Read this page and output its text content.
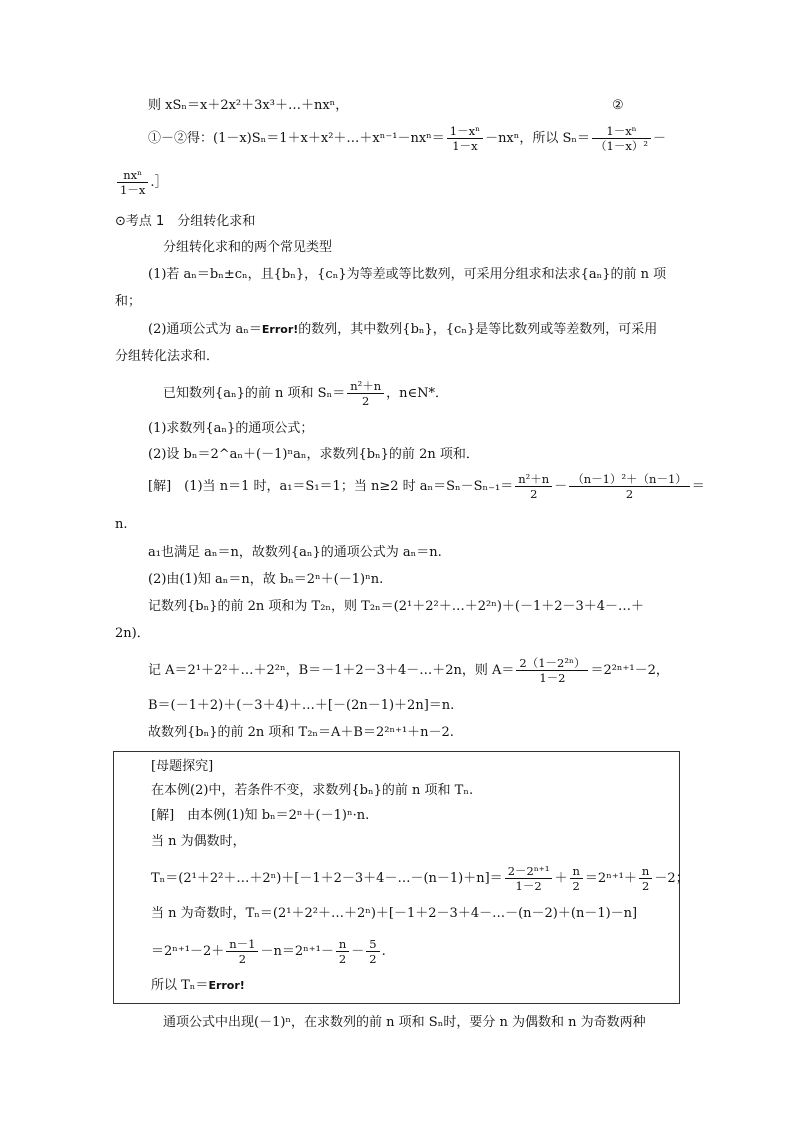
则 xSₙ＝x＋2x²＋3x³＋…＋nxⁿ，	②
①－②得：(1－x)Sₙ＝1＋x＋x²＋…＋xⁿ⁻¹－nxⁿ＝ $\frac{\text{1－xⁿ}}{1-x} -nx^n$，所以 $S_n= \frac{\text{1－xⁿ}}{\text{（1－x）²}}$ －
$\frac{\text{nxⁿ}}{1-x}$ .］
⊙考点 1　分组转化求和
分组转化求和的两个常见类型
(1)若 aₙ＝bₙ±cₙ，且{bₙ}，{cₙ}为等差或等比数列，可采用分组求和法求{aₙ}的前 n 项
和；
(2)通项公式为 aₙ＝Error!的数列，其中数列{bₙ}，{cₙ}是等比数列或等差数列，可采用
分组转化法求和．
已知数列{aₙ}的前 n 项和 $S_n= \frac{\text{n²＋n}}{2}$ ，n∈N*．
(1)求数列{aₙ}的通项公式；
(2)设 bₙ＝2^aₙ＋(－1)ⁿaₙ，求数列{bₙ}的前 2n 项和．
[解]　(1)当 n＝1 时，a₁＝S₁＝1；当 n≥2 时 $a_n=S_n-S_{n-1}= \frac{\text{n²＋n}}{2} - \frac{\text{（n－1）²＋（n－1）}}{2}$ ＝
n.
a₁也满足 aₙ＝n，故数列{aₙ}的通项公式为 aₙ＝n.
(2)由(1)知 aₙ＝n，故 bₙ＝2ⁿ＋(－1)ⁿn.
记数列{bₙ}的前 2n 项和为 T₂ₙ，则 T₂ₙ＝(2¹＋2²＋…＋2²ⁿ)＋(－1＋2－3＋4－…＋
2n)．
记 A＝2¹＋2²＋…＋2²ⁿ，B＝－1＋2－3＋4－…＋2n，则 $A= \frac{\text{2（1－2²ⁿ）}}{1-2} =2^{2n+1}-2$，
B＝(－1＋2)＋(－3＋4)＋…＋[－(2n－1)＋2n]＝n.
故数列{bₙ}的前 2n 项和 T₂ₙ＝A＋B＝2²ⁿ⁺¹＋n－2.
[母题探究]
在本例(2)中，若条件不变，求数列{bₙ}的前 n 项和 Tₙ.
[解]　由本例(1)知 bₙ＝2ⁿ＋(－1)ⁿ·n.
当 n 为偶数时，
Tₙ＝(2¹＋2²＋…＋2ⁿ)＋[－1＋2－3＋4－…－(n－1)＋n]＝ $\frac{\text{2－2ⁿ⁺¹}}{1-2} + \frac{n}{2} =2^{n+1}+ \frac{n}{2} -2$；
当 n 为奇数时，Tₙ＝(2¹＋2²＋…＋2ⁿ)＋[－1＋2－3＋4－…－(n－2)＋(n－1)－n]
$=2^{n+1}-2+ \frac{n-1}{2} -n=2^{n+1}- \frac{n}{2} - \frac{5}{2}$ .
所以 Tₙ＝Error!
通项公式中出现(－1)ⁿ，在求数列的前 n 项和 Sₙ时，要分 n 为偶数和 n 为奇数两种
